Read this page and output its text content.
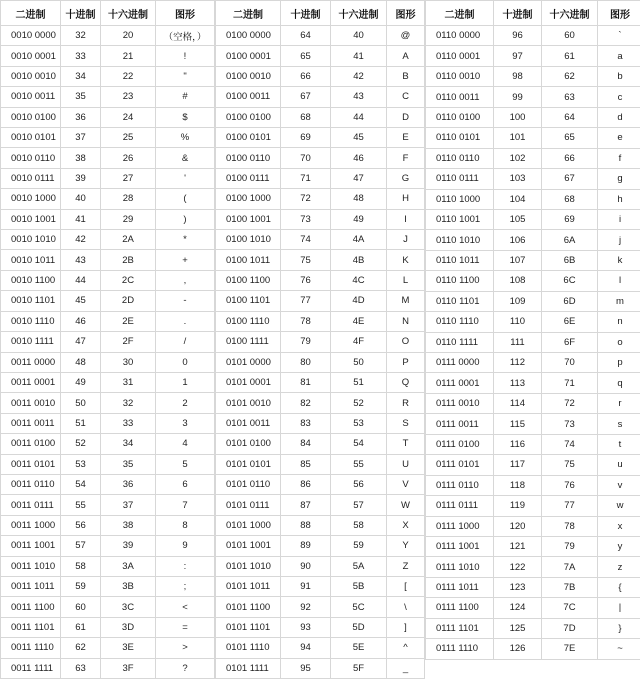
二进制	十进制	十六进制	图形
0010 0000	32	20	（空格，）
0010 0001	33	21	!
0010 0010	34	22	"
0010 0011	35	23	#
0010 0100	36	24	$
0010 0101	37	25	%
0010 0110	38	26	&
0010 0111	39	27	'
0010 1000	40	28	(
0010 1001	41	29	)
0010 1010	42	2A	*
0010 1011	43	2B	+
0010 1100	44	2C	,
0010 1101	45	2D	-
0010 1110	46	2E	.
0010 1111	47	2F	/
0011 0000	48	30	0
0011 0001	49	31	1
0011 0010	50	32	2
0011 0011	51	33	3
0011 0100	52	34	4
0011 0101	53	35	5
0011 0110	54	36	6
0011 0111	55	37	7
0011 1000	56	38	8
0011 1001	57	39	9
0011 1010	58	3A	:
0011 1011	59	3B	;
0011 1100	60	3C	<
0011 1101	61	3D	=
0011 1110	62	3E	>
0011 1111	63	3F	?
二进制	十进制	十六进制	图形
0100 0000	64	40	@
0100 0001	65	41	A
0100 0010	66	42	B
0100 0011	67	43	C
0100 0100	68	44	D
0100 0101	69	45	E
0100 0110	70	46	F
0100 0111	71	47	G
0100 1000	72	48	H
0100 1001	73	49	I
0100 1010	74	4A	J
0100 1011	75	4B	K
0100 1100	76	4C	L
0100 1101	77	4D	M
0100 1110	78	4E	N
0100 1111	79	4F	O
0101 0000	80	50	P
0101 0001	81	51	Q
0101 0010	82	52	R
0101 0011	83	53	S
0101 0100	84	54	T
0101 0101	85	55	U
0101 0110	86	56	V
0101 0111	87	57	W
0101 1000	88	58	X
0101 1001	89	59	Y
0101 1010	90	5A	Z
0101 1011	91	5B	[
0101 1100	92	5C	\
0101 1101	93	5D	]
0101 1110	94	5E	^
0101 1111	95	5F	_
二进制	十进制	十六进制	图形
0110 0000	96	60	`
0110 0001	97	61	a
0110 0010	98	62	b
0110 0011	99	63	c
0110 0100	100	64	d
0110 0101	101	65	e
0110 0110	102	66	f
0110 0111	103	67	g
0110 1000	104	68	h
0110 1001	105	69	i
0110 1010	106	6A	j
0110 1011	107	6B	k
0110 1100	108	6C	l
0110 1101	109	6D	m
0110 1110	110	6E	n
0110 1111	111	6F	o
0111 0000	112	70	p
0111 0001	113	71	q
0111 0010	114	72	r
0111 0011	115	73	s
0111 0100	116	74	t
0111 0101	117	75	u
0111 0110	118	76	v
0111 0111	119	77	w
0111 1000	120	78	x
0111 1001	121	79	y
0111 1010	122	7A	z
0111 1011	123	7B	{
0111 1100	124	7C	|
0111 1101	125	7D	}
0111 1110	126	7E	~
